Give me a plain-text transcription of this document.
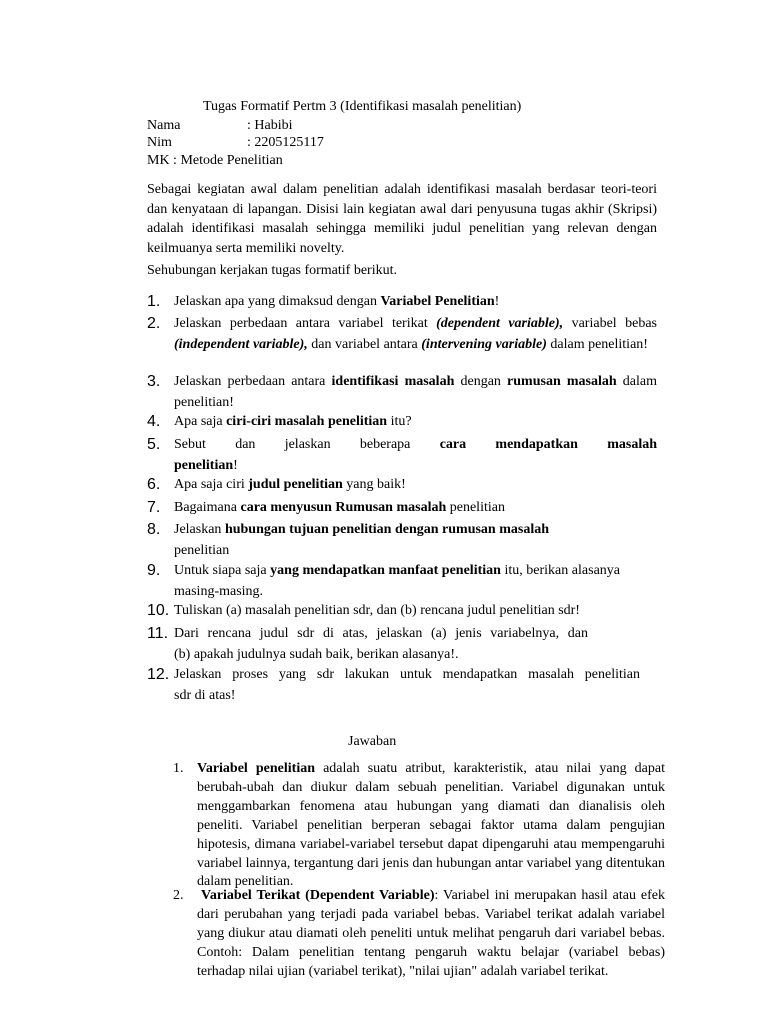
Tugas Formatif Pertm 3 (Identifikasi masalah penelitian)
Nama	: Habibi
Nim	: 2205125117
MK : Metode Penelitian
Sebagai kegiatan awal dalam penelitian adalah identifikasi masalah berdasar teori-teori dan kenyataan di lapangan. Disisi lain kegiatan awal dari penyusuna tugas akhir (Skripsi) adalah identifikasi masalah sehingga memiliki judul penelitian yang relevan dengan keilmuanya serta memiliki novelty.
Sehubungan kerjakan tugas formatif berikut.
1. Jelaskan apa yang dimaksud dengan Variabel Penelitian!
2. Jelaskan perbedaan antara variabel terikat (dependent variable), variabel bebas (independent variable), dan variabel antara (intervening variable) dalam penelitian!
3. Jelaskan perbedaan antara identifikasi masalah dengan rumusan masalah dalam penelitian!
4. Apa saja ciri-ciri masalah penelitian itu?
5. Sebut dan jelaskan beberapa cara mendapatkan masalah
penelitian!
6. Apa saja ciri judul penelitian yang baik!
7. Bagaimana cara menyusun Rumusan masalah penelitian
8. Jelaskan hubungan tujuan penelitian dengan rumusan masalah
penelitian
9. Untuk siapa saja yang mendapatkan manfaat penelitian itu, berikan alasanya masing-masing.
10. Tuliskan (a) masalah penelitian sdr, dan (b) rencana judul penelitian sdr!
11. Dari rencana judul sdr di atas, jelaskan (a) jenis variabelnya, dan
(b) apakah judulnya sudah baik, berikan alasanya!.
12. Jelaskan proses yang sdr lakukan untuk mendapatkan masalah penelitian
sdr di atas!
Jawaban
1. Variabel penelitian adalah suatu atribut, karakteristik, atau nilai yang dapat berubah-ubah dan diukur dalam sebuah penelitian. Variabel digunakan untuk menggambarkan fenomena atau hubungan yang diamati dan dianalisis oleh peneliti. Variabel penelitian berperan sebagai faktor utama dalam pengujian hipotesis, dimana variabel-variabel tersebut dapat dipengaruhi atau mempengaruhi variabel lainnya, tergantung dari jenis dan hubungan antar variabel yang ditentukan dalam penelitian.
2. Variabel Terikat (Dependent Variable): Variabel ini merupakan hasil atau efek dari perubahan yang terjadi pada variabel bebas. Variabel terikat adalah variabel yang diukur atau diamati oleh peneliti untuk melihat pengaruh dari variabel bebas. Contoh: Dalam penelitian tentang pengaruh waktu belajar (variabel bebas) terhadap nilai ujian (variabel terikat), "nilai ujian" adalah variabel terikat.
